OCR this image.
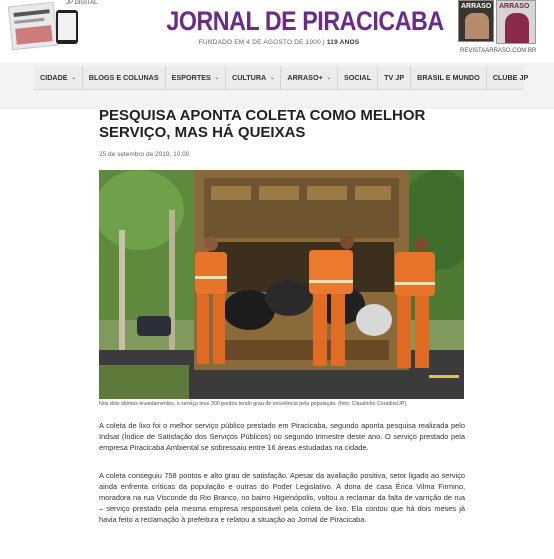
JP DIGITAL
JORNAL DE PIRACICABA
FUNDADO EM 4 DE AGOSTO DE 1900 | 119 ANOS
ARRASO ARRASO
REVISTAARRASO.COM.BR
CIDADE ⌄ BLOGS E COLUNAS ESPORTES ⌄ CULTURA ⌄ ARRASO+ ⌄ SOCIAL TV JP BRASIL E MUNDO CLUBE JP
PESQUISA APONTA COLETA COMO MELHOR SERVIÇO, MAS HÁ QUEIXAS
25 de setembro de 2019, 10:00
Nos dois últimos levantamentos, o serviço teve 300 pontos tendo grau de excelência pela população. (foto: Claudinho Coradini/JP)

A coleta de lixo foi o melhor serviço público prestado em Piracicaba, segundo aponta pesquisa realizada pelo Indsat (Índice de Satisfação dos Serviços Públicos) no segundo trimestre deste ano. O serviço prestado pela empresa Piracicaba Ambiental se sobressaiu entre 16 áreas estudadas na cidade.

A coleta conseguiu 758 pontos e alto grau de satisfação. Apesar da avaliação positiva, setor ligado ao serviço ainda enfrenta críticas da população e outras do Poder Legislativo. A dona de casa Érica Vilma Firmino, moradora na rua Visconde do Rio Branco, no bairro Higienópolis, voltou a reclamar da falta de varrição de rua – serviço prestado pela mesma empresa responsável pela coleta de lixo. Ela contou que há dois meses já havia feito a reclamação à prefeitura e relatou a situação ao Jornal de Piracicaba.
